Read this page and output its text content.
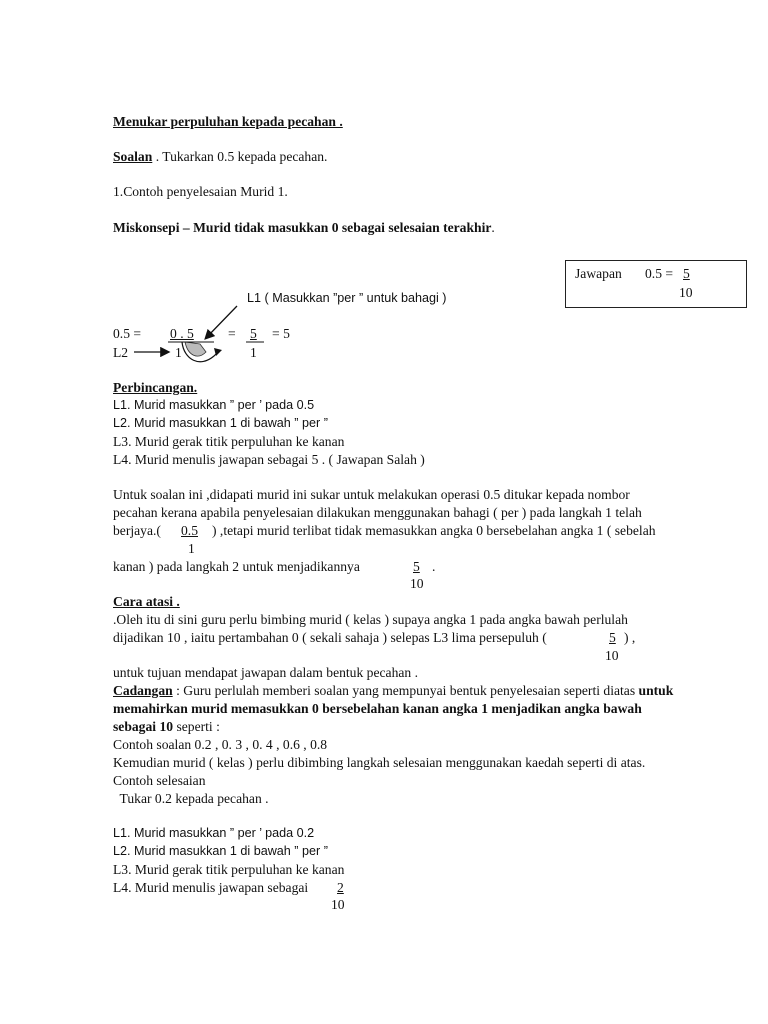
Menukar perpuluhan kepada pecahan .
Soalan . Tukarkan 0.5 kepada pecahan.
1.Contoh penyelesaian Murid 1.
Miskonsepi – Murid tidak masukkan 0 sebagai selesaian terakhir.
Jawapan 0.5 = 5
10
L1 ( Masukkan ”per ” untuk bahagi )
0.5 = 0 . 5	= 5 = 5
L2	1	1
Perbincangan.
L1. Murid masukkan ” per ’ pada 0.5
L2. Murid masukkan 1 di bawah ” per ”
L3. Murid gerak titik perpuluhan ke kanan
L4. Murid menulis jawapan sebagai 5 . ( Jawapan Salah )
Untuk soalan ini ,didapati murid ini sukar untuk melakukan operasi 0.5 ditukar kepada nombor
pecahan kerana apabila penyelesaian dilakukan menggunakan bahagi ( per ) pada langkah 1 telah
berjaya.( 0.5
1
) ,tetapi murid terlibat tidak memasukkan angka 0 bersebelahan angka 1 ( sebelah
kanan ) pada langkah 2 untuk menjadikannya	5
10
.
Cara atasi .
.Oleh itu di sini guru perlu bimbing murid ( kelas ) supaya angka 1 pada angka bawah perlulah
dijadikan 10 , iaitu pertambahan 0 ( sekali sahaja ) selepas L3 lima persepuluh (	5
10
) ,
untuk tujuan mendapat jawapan dalam bentuk pecahan .
Cadangan : Guru perlulah memberi soalan yang mempunyai bentuk penyelesaian seperti diatas untuk
memahirkan murid memasukkan 0 bersebelahan kanan angka 1 menjadikan angka bawah
sebagai 10 seperti :
Contoh soalan 0.2 , 0. 3 , 0. 4 , 0.6 , 0.8
Kemudian murid ( kelas ) perlu dibimbing langkah selesaian menggunakan kaedah seperti di atas.
Contoh selesaian
Tukar 0.2 kepada pecahan .
L1. Murid masukkan ” per ’ pada 0.2
L2. Murid masukkan 1 di bawah ” per ”
L3. Murid gerak titik perpuluhan ke kanan
L4. Murid menulis jawapan sebagai 2
10
